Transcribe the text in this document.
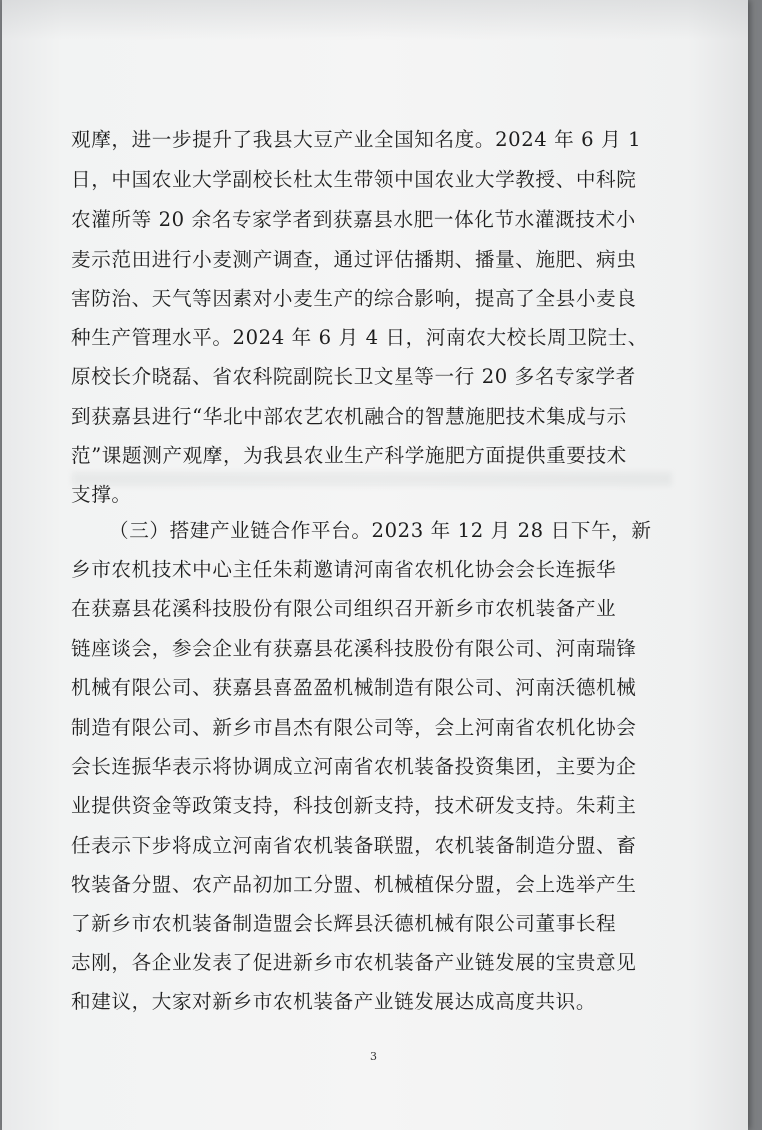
观摩，进一步提升了我县大豆产业全国知名度。2024 年 6 月 1
日，中国农业大学副校长杜太生带领中国农业大学教授、中科院
农灌所等 20 余名专家学者到获嘉县水肥一体化节水灌溉技术小
麦示范田进行小麦测产调查，通过评估播期、播量、施肥、病虫
害防治、天气等因素对小麦生产的综合影响，提高了全县小麦良
种生产管理水平。2024 年 6 月 4 日，河南农大校长周卫院士、
原校长介晓磊、省农科院副院长卫文星等一行 20 多名专家学者
到获嘉县进行“华北中部农艺农机融合的智慧施肥技术集成与示
范”课题测产观摩，为我县农业生产科学施肥方面提供重要技术
支撑。
（三）搭建产业链合作平台。2023 年 12 月 28 日下午，新
乡市农机技术中心主任朱莉邀请河南省农机化协会会长连振华
在获嘉县花溪科技股份有限公司组织召开新乡市农机装备产业
链座谈会，参会企业有获嘉县花溪科技股份有限公司、河南瑞锋
机械有限公司、获嘉县喜盈盈机械制造有限公司、河南沃德机械
制造有限公司、新乡市昌杰有限公司等，会上河南省农机化协会
会长连振华表示将协调成立河南省农机装备投资集团，主要为企
业提供资金等政策支持，科技创新支持，技术研发支持。朱莉主
任表示下步将成立河南省农机装备联盟，农机装备制造分盟、畜
牧装备分盟、农产品初加工分盟、机械植保分盟，会上选举产生
了新乡市农机装备制造盟会长辉县沃德机械有限公司董事长程
志刚，各企业发表了促进新乡市农机装备产业链发展的宝贵意见
和建议，大家对新乡市农机装备产业链发展达成高度共识。
3
